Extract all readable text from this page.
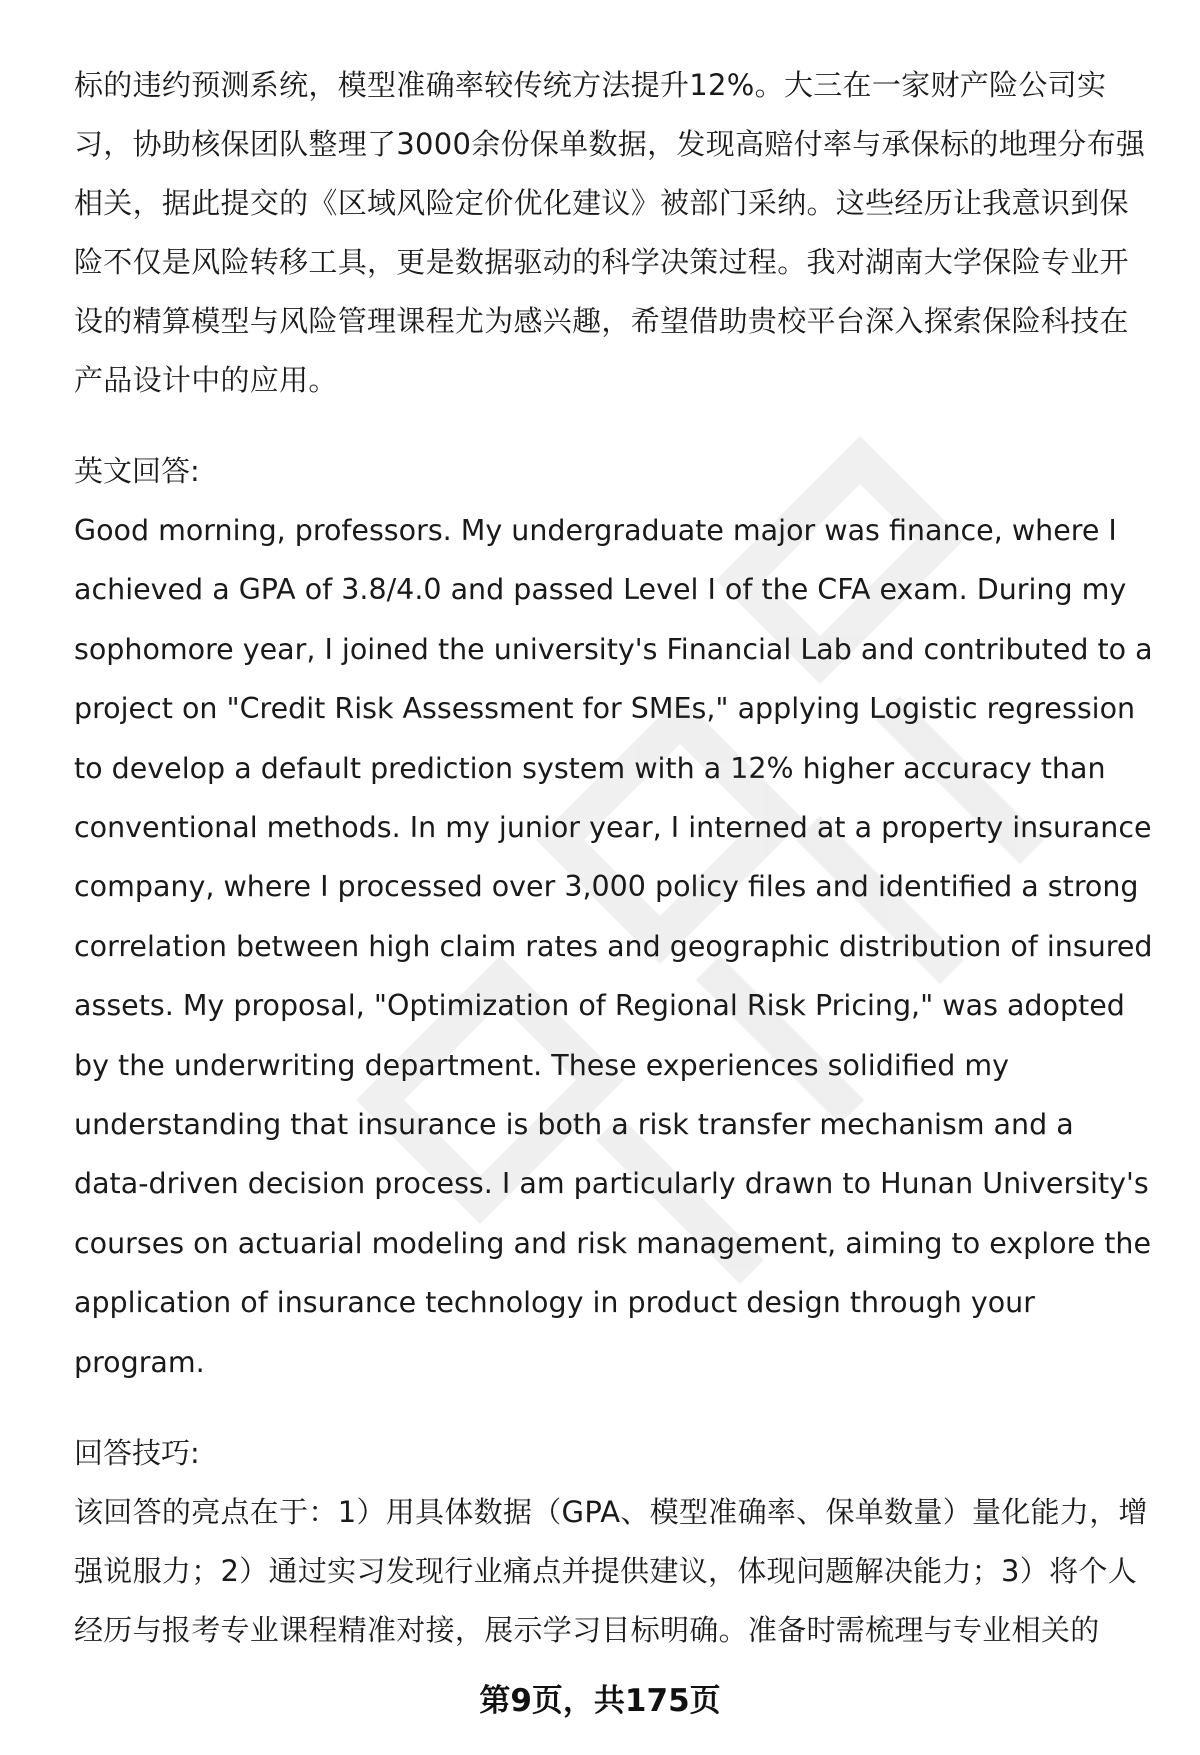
标的违约预测系统，模型准确率较传统方法提升12%。大三在一家财产险公司实习，协助核保团队整理了3000余份保单数据，发现高赔付率与承保标的地理分布强相关，据此提交的《区域风险定价优化建议》被部门采纳。这些经历让我意识到保险不仅是风险转移工具，更是数据驱动的科学决策过程。我对湖南大学保险专业开设的精算模型与风险管理课程尤为感兴趣，希望借助贵校平台深入探索保险科技在产品设计中的应用。

英文回答:

Good morning, professors. My undergraduate major was finance, where I achieved a GPA of 3.8/4.0 and passed Level I of the CFA exam. During my sophomore year, I joined the university's Financial Lab and contributed to a project on "Credit Risk Assessment for SMEs," applying Logistic regression to develop a default prediction system with a 12% higher accuracy than conventional methods. In my junior year, I interned at a property insurance company, where I processed over 3,000 policy files and identified a strong correlation between high claim rates and geographic distribution of insured assets. My proposal, "Optimization of Regional Risk Pricing," was adopted by the underwriting department. These experiences solidified my understanding that insurance is both a risk transfer mechanism and a data-driven decision process. I am particularly drawn to Hunan University's courses on actuarial modeling and risk management, aiming to explore the application of insurance technology in product design through your program.

回答技巧:

该回答的亮点在于：1）用具体数据（GPA、模型准确率、保单数量）量化能力，增强说服力；2）通过实习发现行业痛点并提供建议，体现问题解决能力；3）将个人经历与报考专业课程精准对接，展示学习目标明确。准备时需梳理与专业相关的

第9页，共175页
